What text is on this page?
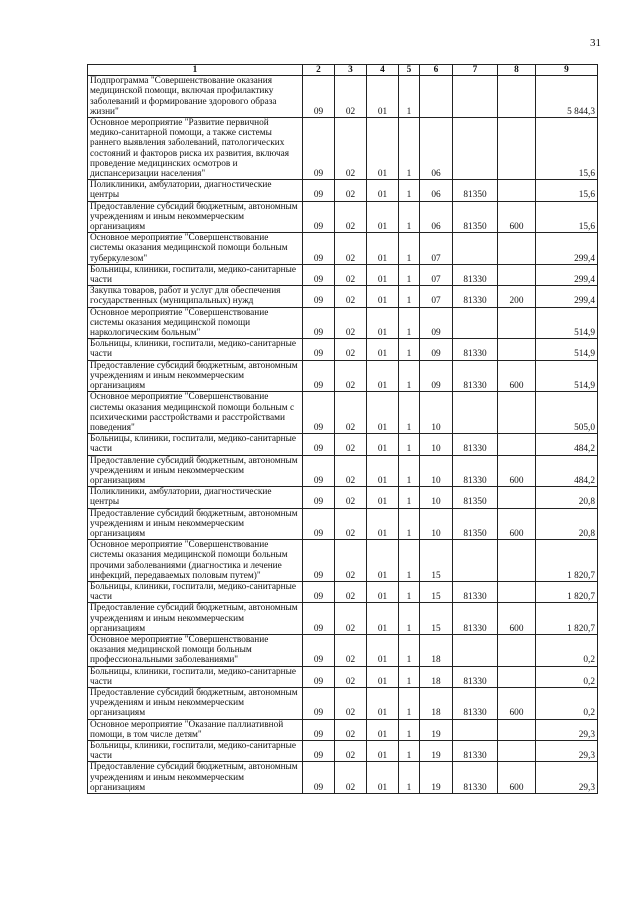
31
1	2	3	4	5	6	7	8	9
Подпрограмма "Совершенствование оказания медицинской помощи, включая профилактику заболеваний и формирование здорового образа жизни"	09	02	01	1				5 844,3
Основное мероприятие "Развитие первичной медико-санитарной помощи, а также системы раннего выявления заболеваний, патологических состояний и факторов риска их развития, включая проведение медицинских осмотров и диспансеризации населения"	09	02	01	1	06			15,6
Поликлиники, амбулатории, диагностические центры	09	02	01	1	06	81350		15,6
Предоставление субсидий бюджетным, автономным учреждениям и иным некоммерческим организациям	09	02	01	1	06	81350	600	15,6
Основное мероприятие "Совершенствование системы оказания медицинской помощи больным туберкулезом"	09	02	01	1	07			299,4
Больницы, клиники, госпитали, медико-санитарные части	09	02	01	1	07	81330		299,4
Закупка товаров, работ и услуг для обеспечения государственных (муниципальных) нужд	09	02	01	1	07	81330	200	299,4
Основное мероприятие "Совершенствование системы оказания медицинской помощи наркологическим больным"	09	02	01	1	09			514,9
Больницы, клиники, госпитали, медико-санитарные части	09	02	01	1	09	81330		514,9
Предоставление субсидий бюджетным, автономным учреждениям и иным некоммерческим организациям	09	02	01	1	09	81330	600	514,9
Основное мероприятие "Совершенствование системы оказания медицинской помощи больным с психическими расстройствами и расстройствами поведения"	09	02	01	1	10			505,0
Больницы, клиники, госпитали, медико-санитарные части	09	02	01	1	10	81330		484,2
Предоставление субсидий бюджетным, автономным учреждениям и иным некоммерческим организациям	09	02	01	1	10	81330	600	484,2
Поликлиники, амбулатории, диагностические центры	09	02	01	1	10	81350		20,8
Предоставление субсидий бюджетным, автономным учреждениям и иным некоммерческим организациям	09	02	01	1	10	81350	600	20,8
Основное мероприятие "Совершенствование системы оказания медицинской помощи больным прочими заболеваниями (диагностика и лечение инфекций, передаваемых половым путем)"	09	02	01	1	15			1 820,7
Больницы, клиники, госпитали, медико-санитарные части	09	02	01	1	15	81330		1 820,7
Предоставление субсидий бюджетным, автономным учреждениям и иным некоммерческим организациям	09	02	01	1	15	81330	600	1 820,7
Основное мероприятие "Совершенствование оказания медицинской помощи больным профессиональными заболеваниями"	09	02	01	1	18			0,2
Больницы, клиники, госпитали, медико-санитарные части	09	02	01	1	18	81330		0,2
Предоставление субсидий бюджетным, автономным учреждениям и иным некоммерческим организациям	09	02	01	1	18	81330	600	0,2
Основное мероприятие "Оказание паллиативной помощи, в том числе детям"	09	02	01	1	19			29,3
Больницы, клиники, госпитали, медико-санитарные части	09	02	01	1	19	81330		29,3
Предоставление субсидий бюджетным, автономным учреждениям и иным некоммерческим организациям	09	02	01	1	19	81330	600	29,3
